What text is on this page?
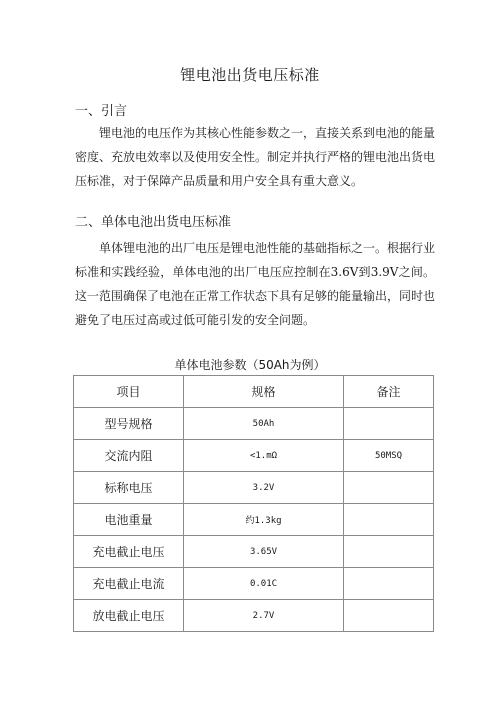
锂电池出货电压标准
一、引言

锂电池的电压作为其核心性能参数之一，直接关系到电池的能量密度、充放电效率以及使用安全性。制定并执行严格的锂电池出货电压标准，对于保障产品质量和用户安全具有重大意义。

二、单体电池出货电压标准

单体锂电池的出厂电压是锂电池性能的基础指标之一。根据行业标准和实践经验，单体电池的出厂电压应控制在3.6V到3.9V之间。这一范围确保了电池在正常工作状态下具有足够的能量输出，同时也避免了电压过高或过低可能引发的安全问题。

单体电池参数（50Ah为例）
项目	规格	备注
型号规格	50Ah	
交流内阻	<1.mΩ	50MSQ
标称电压	3.2V	
电池重量	约1.3kg	
充电截止电压	3.65V	
充电截止电流	0.01C	
放电截止电压	2.7V	
